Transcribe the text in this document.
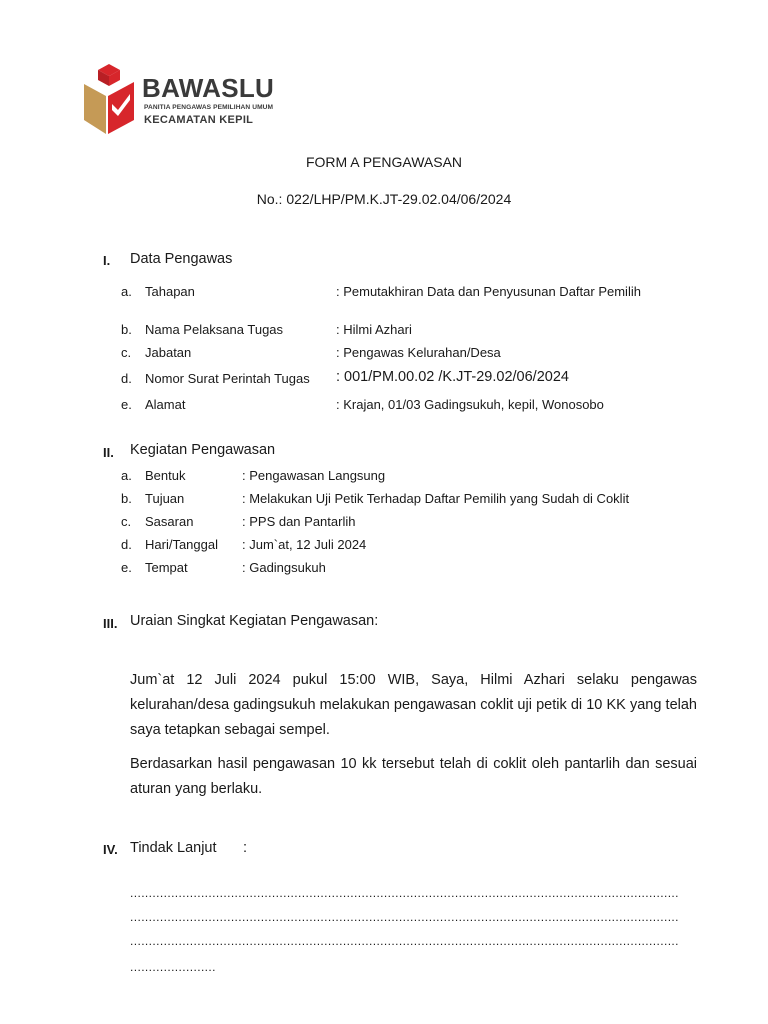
BAWASLU
PANITIA PENGAWAS PEMILIHAN UMUM
KECAMATAN KEPIL
FORM A PENGAWASAN
No.: 022/LHP/PM.K.JT-29.02.04/06/2024
I. Data Pengawas
a. Tahapan	: Pemutakhiran Data dan Penyusunan Daftar Pemilih
b. Nama Pelaksana Tugas	: Hilmi Azhari
c. Jabatan	: Pengawas Kelurahan/Desa
d. Nomor Surat Perintah Tugas : 001/PM.00.02 /K.JT-29.02/06/2024
e. Alamat	: Krajan, 01/03 Gadingsukuh, kepil, Wonosobo
II. Kegiatan Pengawasan
a. Bentuk	: Pengawasan Langsung
b. Tujuan	: Melakukan Uji Petik Terhadap Daftar Pemilih yang Sudah di Coklit
c. Sasaran	: PPS dan Pantarlih
d. Hari/Tanggal : Jum`at, 12 Juli 2024
e. Tempat	: Gadingsukuh
III. Uraian Singkat Kegiatan Pengawasan:
Jum`at 12 Juli 2024 pukul 15:00 WIB, Saya, Hilmi Azhari selaku pengawas kelurahan/desa gadingsukuh melakukan pengawasan coklit uji petik di 10 KK yang telah saya tetapkan sebagai sempel.
Berdasarkan hasil pengawasan 10 kk tersebut telah di coklit oleh pantarlih dan sesuai aturan yang berlaku.
IV. Tindak Lanjut :
...................................................................................................................................................
...................................................................................................................................................
...................................................................................................................................................
.......................
